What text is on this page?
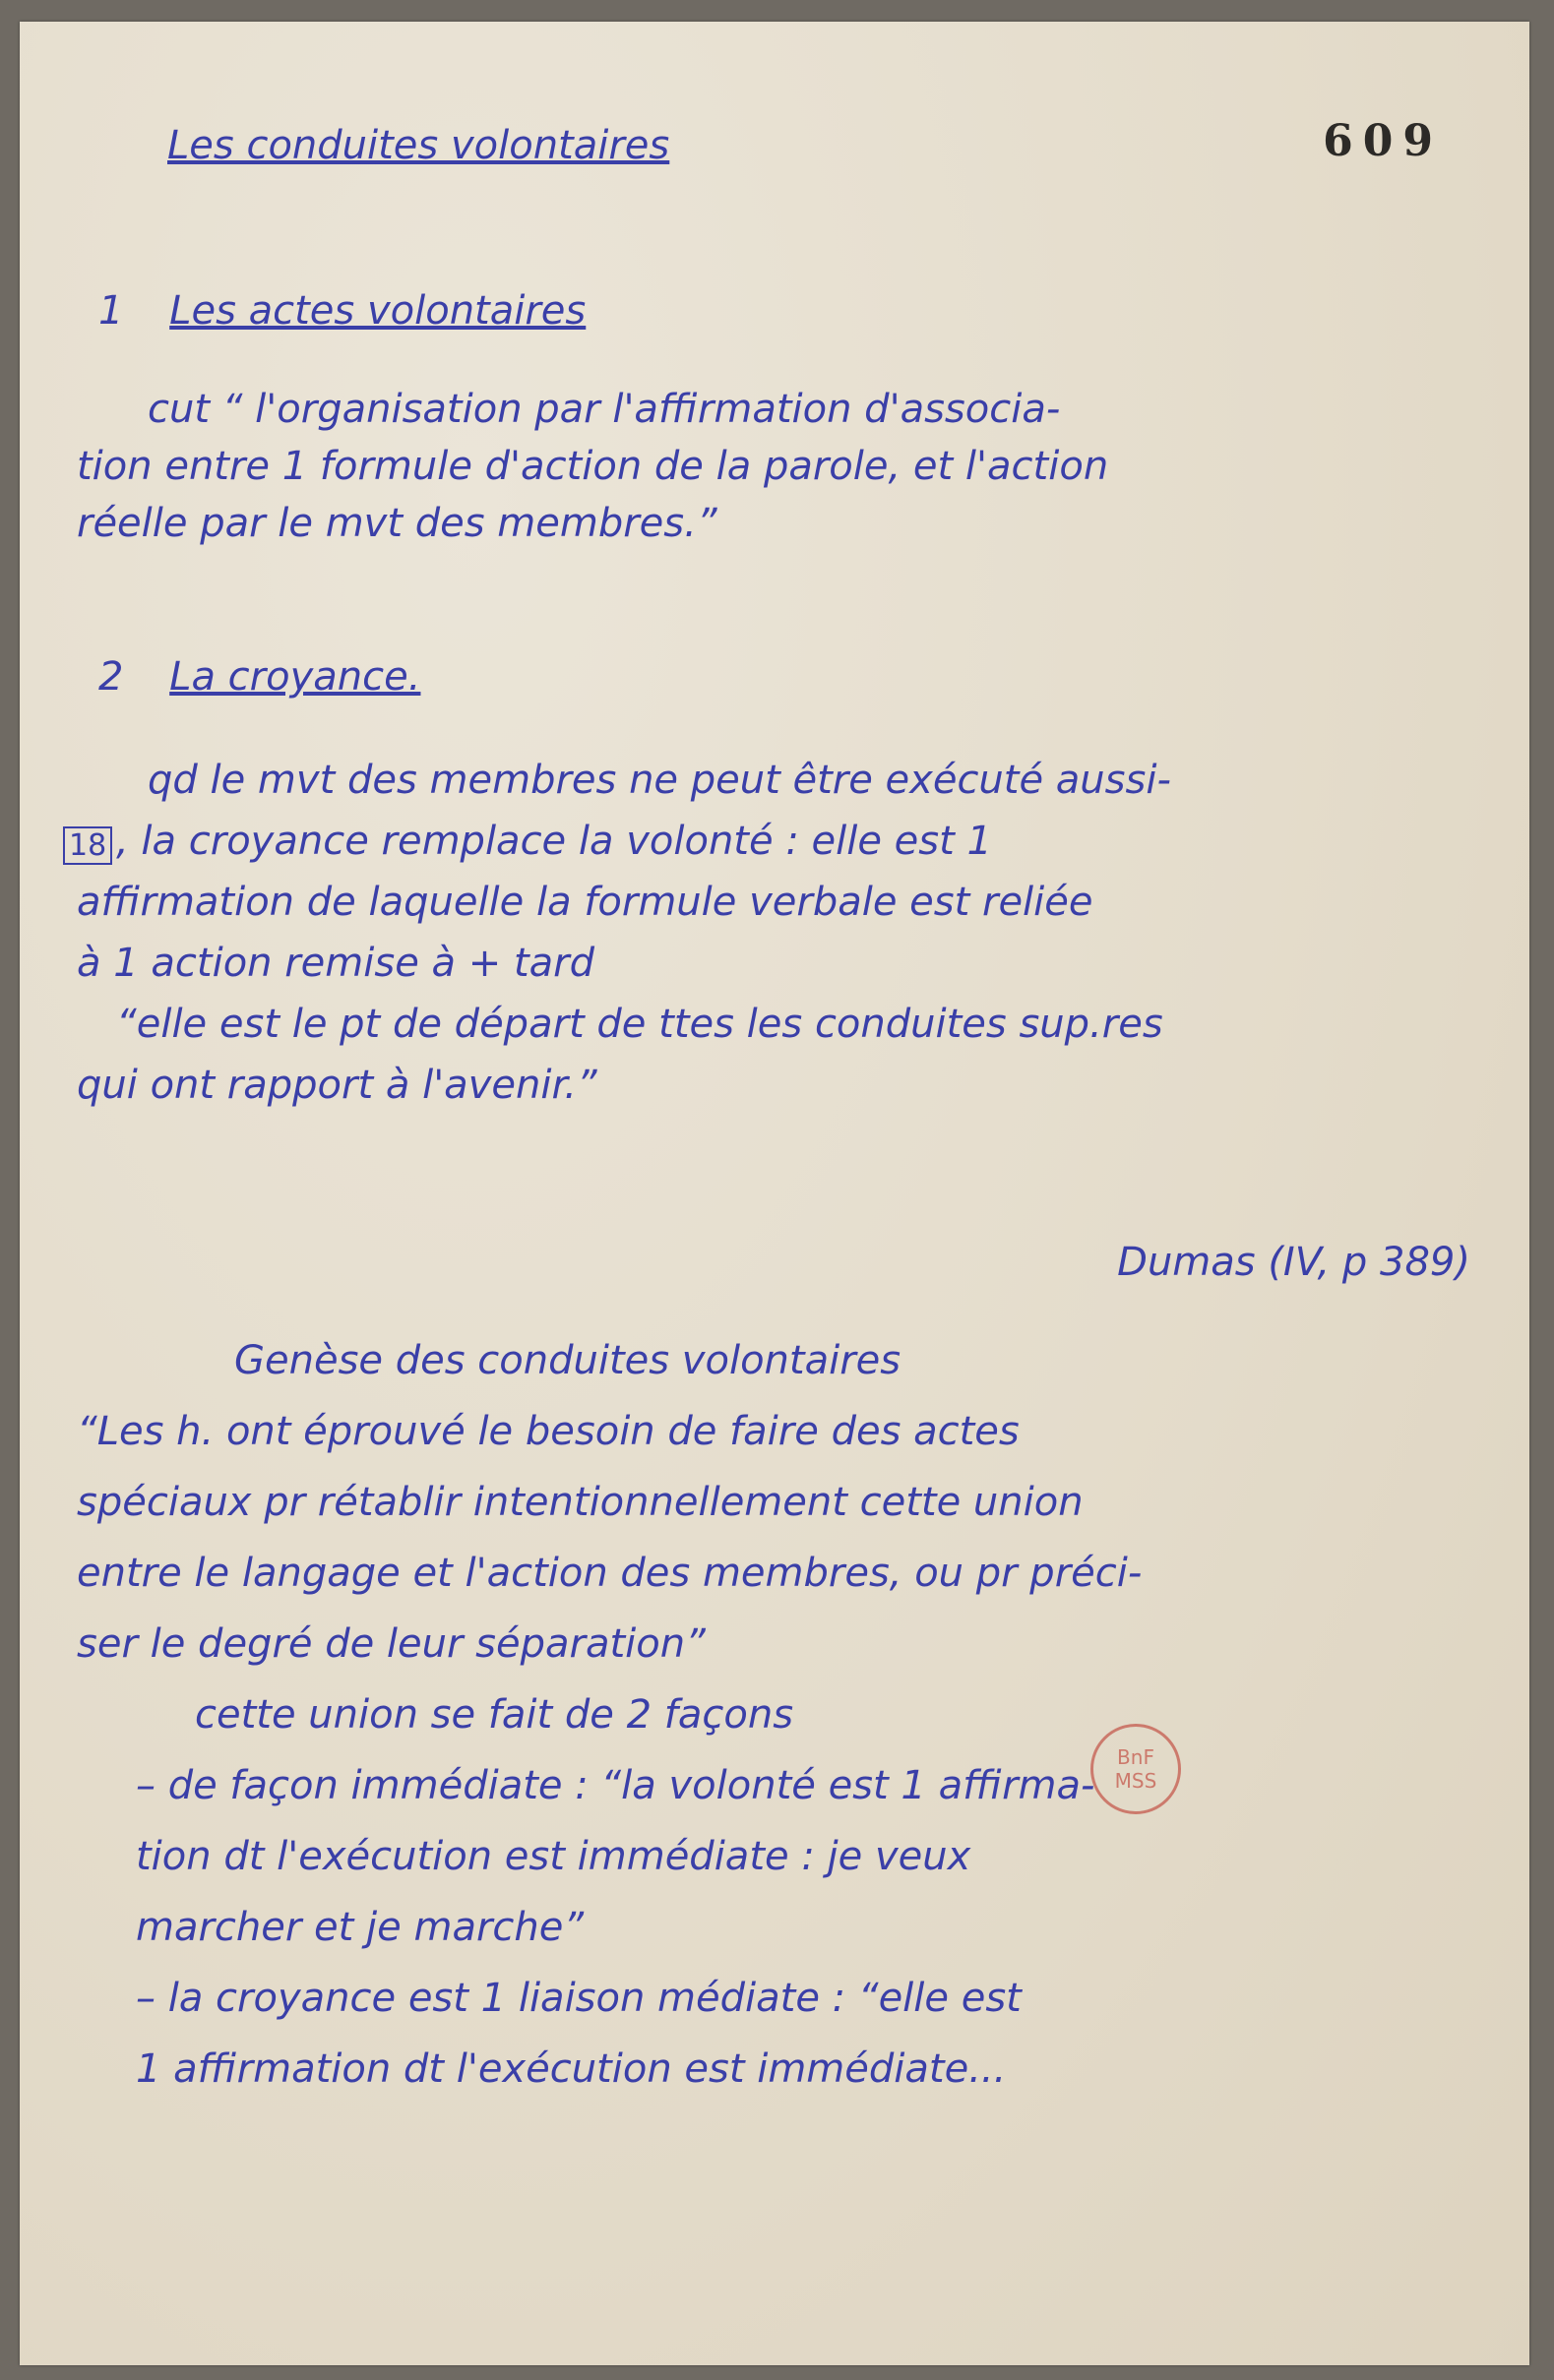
609
Les conduites volontaires
1 Les actes volontaires
cut “ l'organisation par l'affirmation d'associa-
tion entre 1 formule d'action de la parole, et l'action
réelle par le mvt des membres.”
2 La croyance.
18
qd le mvt des membres ne peut être exécuté aussi-
, la croyance remplace la volonté : elle est 1
affirmation de laquelle la formule verbale est reliée
à 1 action remise à + tard
“elle est le pt de départ de ttes les conduites sup.res
qui ont rapport à l'avenir.”
Dumas (IV, p 389)
Genèse des conduites volontaires
“Les h. ont éprouvé le besoin de faire des actes
spéciaux pr rétablir intentionnellement cette union
entre le langage et l'action des membres, ou pr préci-
ser le degré de leur séparation”
cette union se fait de 2 façons
– de façon immédiate : “la volonté est 1 affirma-
tion dt l'exécution est immédiate : je veux
marcher et je marche”
– la croyance est 1 liaison médiate : “elle est
1 affirmation dt l'exécution est immédiate...
BnF
MSS
